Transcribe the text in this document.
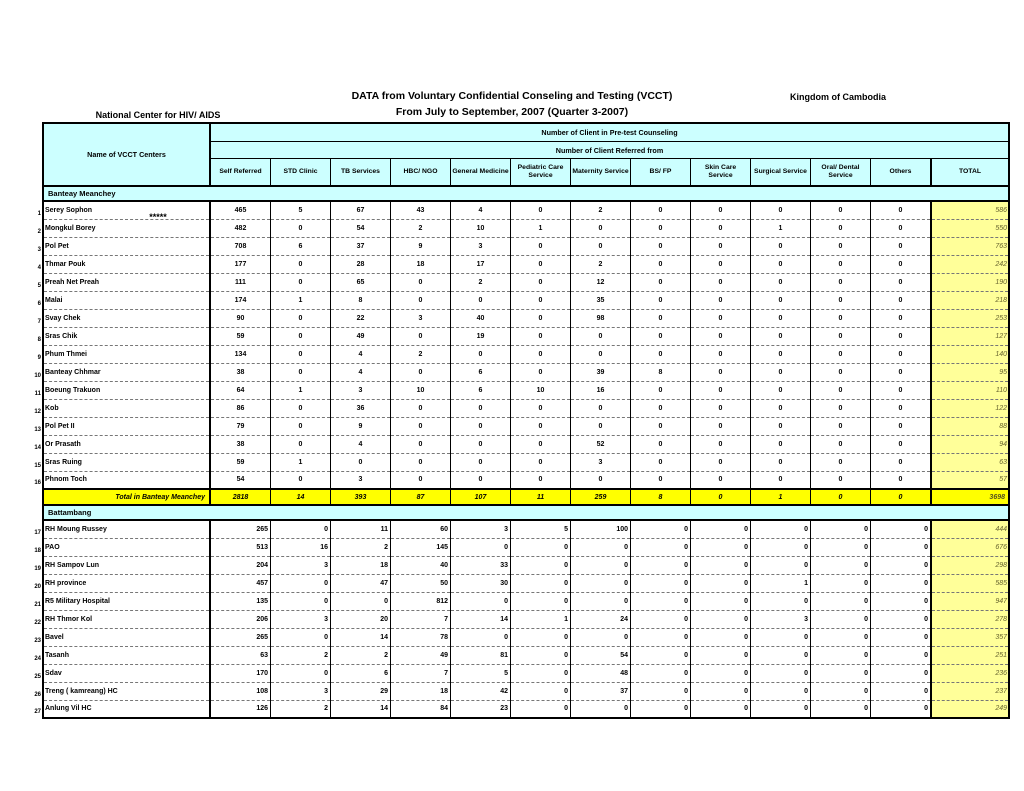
National Center for HIV/ AIDS

*****

Kingdom of Cambodia

DATA from Voluntary Confidential Conseling and Testing (VCCT)
From July to September, 2007 (Quarter 3-2007)
Name of VCCT Centers	Number of Client in Pre-test Counseling												
	Number of Client Referred from												
	Self Referred	STD Clinic	TB Services	HBC/ NGO	General Medicine	Pediatric Care Service	Maternity Service	BS/ FP	Skin Care Service	Surgical Service	Oral/ Dental Service	Others	TOTAL
Banteay Meanchey													

1 Serey Sophon	465	5	67	43	4	0	2	0	0	0	0	0	586

2 Mongkul Borey	482	0	54	2	10	1	0	0	0	1	0	0	550

3 Pol Pet	708	6	37	9	3	0	0	0	0	0	0	0	763

4 Thmar Pouk	177	0	28	18	17	0	2	0	0	0	0	0	242

5 Preah Net Preah	111	0	65	0	2	0	12	0	0	0	0	0	190

6 Malai	174	1	8	0	0	0	35	0	0	0	0	0	218

7 Svay Chek	90	0	22	3	40	0	98	0	0	0	0	0	253

8 Sras Chik	59	0	49	0	19	0	0	0	0	0	0	0	127

9 Phum Thmei	134	0	4	2	0	0	0	0	0	0	0	0	140

10 Banteay Chhmar	38	0	4	0	6	0	39	8	0	0	0	0	95

11 Boeung Trakuon	64	1	3	10	6	10	16	0	0	0	0	0	110

12 Kob	86	0	36	0	0	0	0	0	0	0	0	0	122

13 Pol Pet II	79	0	9	0	0	0	0	0	0	0	0	0	88

14 Or Prasath	38	0	4	0	0	0	52	0	0	0	0	0	94

15 Sras Ruing	59	1	0	0	0	0	3	0	0	0	0	0	63

16 Phnom Toch	54	0	3	0	0	0	0	0	0	0	0	0	57
Total in Banteay Meanchey	2818	14	393	87	107	11	259	8	0	1	0	0	3698
Battambang													

17 RH Moung Russey	265	0	11	60	3	5	100	0	0	0	0	0	444

18 PAO	513	16	2	145	0	0	0	0	0	0	0	0	676

19 RH Sampov Lun	204	3	18	40	33	0	0	0	0	0	0	0	298

20 RH province	457	0	47	50	30	0	0	0	0	1	0	0	585

21 R5 Military Hospital	135	0	0	812	0	0	0	0	0	0	0	0	947

22 RH Thmor Kol	206	3	20	7	14	1	24	0	0	3	0	0	278

23 Bavel	265	0	14	78	0	0	0	0	0	0	0	0	357

24 Tasanh	63	2	2	49	81	0	54	0	0	0	0	0	251

25 Sdav	170	0	6	7	5	0	48	0	0	0	0	0	236

26 Treng ( kamreang) HC	108	3	29	18	42	0	37	0	0	0	0	0	237

27 Anlung Vil HC	126	2	14	84	23	0	0	0	0	0	0	0	249
